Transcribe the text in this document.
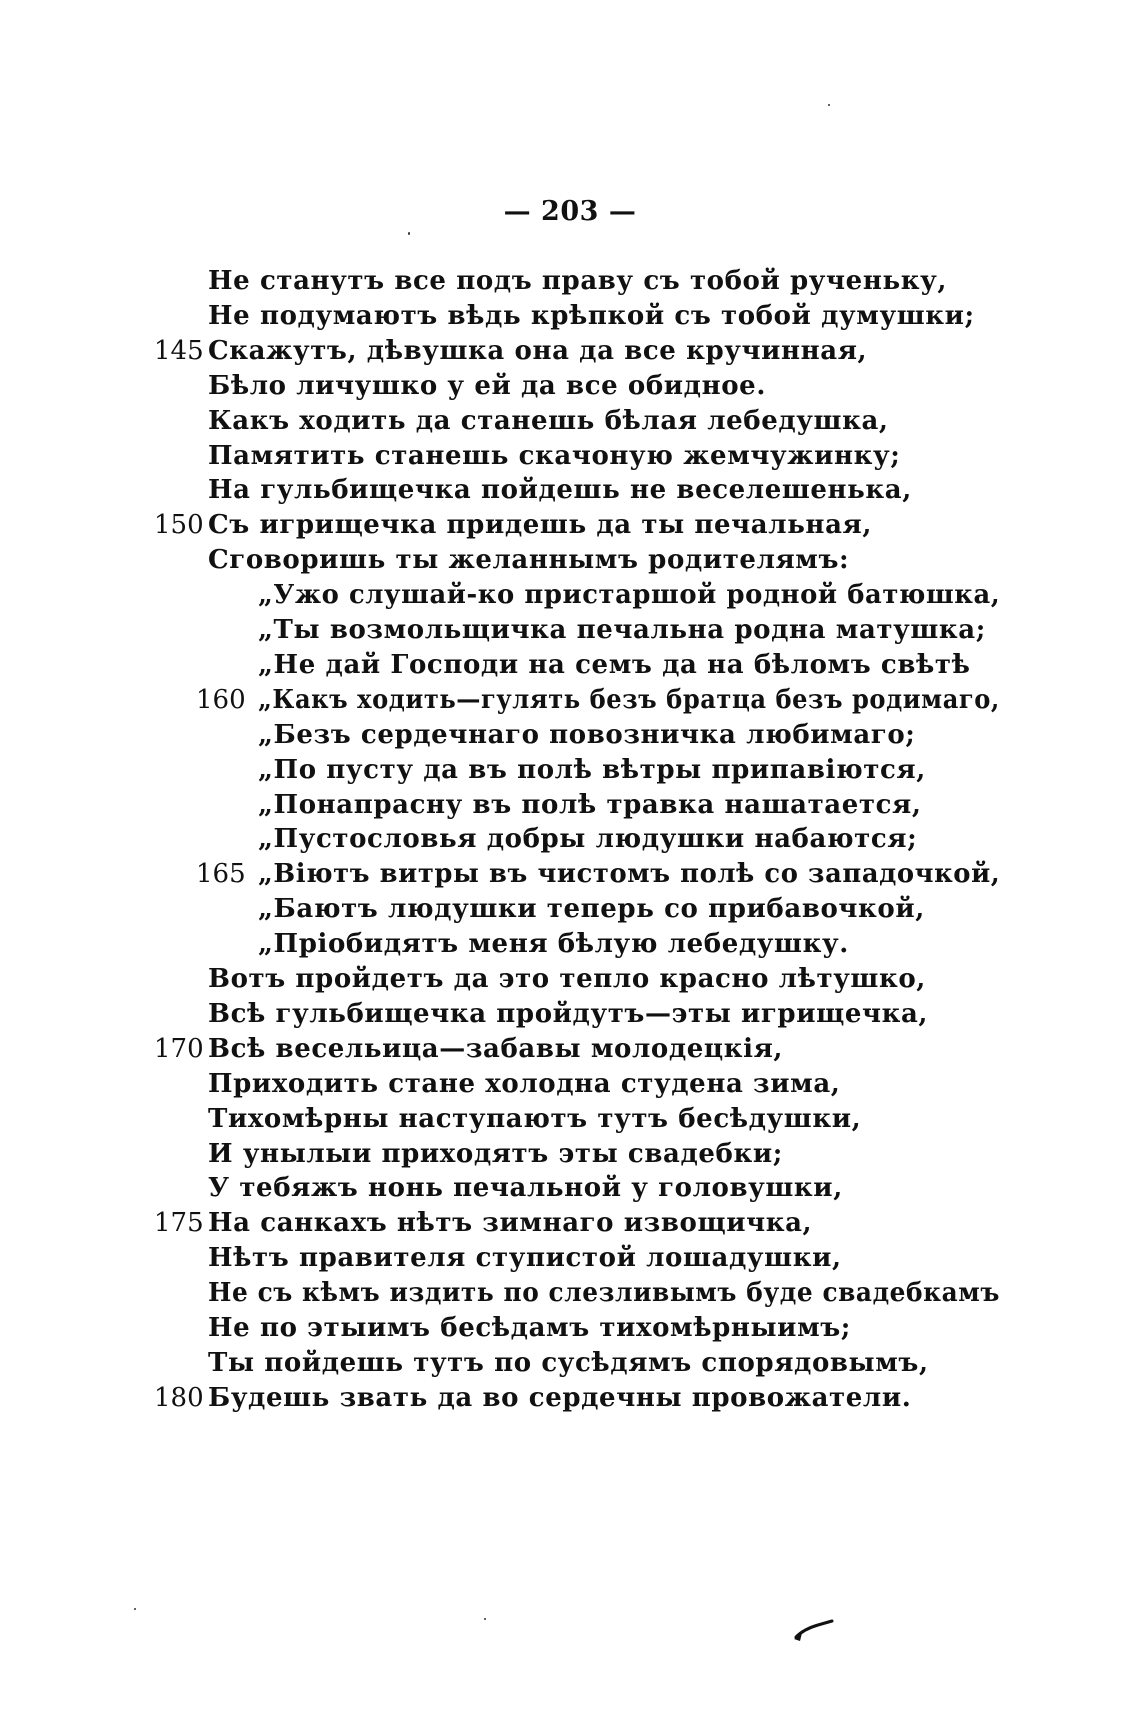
— 203 —
Не станутъ все подъ праву съ тобой рученьку,
Не подумаютъ вѣдь крѣпкой съ тобой думушки;
Скажутъ, дѣвушка она да все кручинная,
145
Бѣло личушко у ей да все обидное.
Какъ ходить да станешь бѣлая лебедушка,
Памятить станешь скачоную жемчужинку;
На гульбищечка пойдешь не веселешенька,
Съ игрищечка придешь да ты печальная,
150
Сговоришь ты желаннымъ родителямъ:
„Ужо слушай-ко пристаршой родной батюшка,
„Ты возмольщичка печальна родна матушка;
„Не дай Господи на семъ да на бѣломъ свѣтѣ
„Какъ ходить—гулять безъ братца безъ родимаго,
160
„Безъ сердечнаго повозничка любимаго;
„По пусту да въ полѣ вѣтры припавіются,
„Понапрасну въ полѣ травка нашатается,
„Пустословья добры людушки набаются;
„Віютъ витры въ чистомъ полѣ со западочкой,
165
„Баютъ людушки теперь со прибавочкой,
„Пріобидятъ меня бѣлую лебедушку.
Вотъ пройдетъ да это тепло красно лѣтушко,
Всѣ гульбищечка пройдутъ—эты игрищечка,
Всѣ весельица—забавы молодецкія,
170
Приходить стане холодна студена зима,
Тихомѣрны наступаютъ тутъ бесѣдушки,
И унылыи приходятъ эты свадебки;
У тебяжъ нонь печальной у головушки,
На санкахъ нѣтъ зимнаго извощичка,
175
Нѣтъ правителя ступистой лошадушки,
Не съ кѣмъ издить по слезливымъ буде свадебкамъ
Не по этыимъ бесѣдамъ тихомѣрныимъ;
Ты пойдешь тутъ по сусѣдямъ спорядовымъ,
Будешь звать да во сердечны провожатели.
180
